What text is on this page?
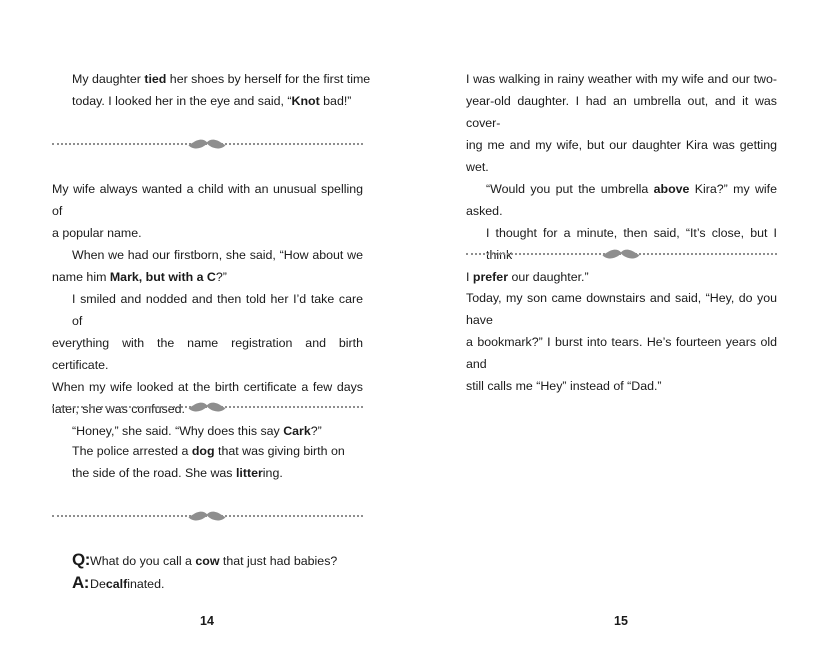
My daughter tied her shoes by herself for the first time
today. I looked her in the eye and said, “Knot bad!”
My wife always wanted a child with an unusual spelling of
a popular name.
When we had our firstborn, she said, “How about we
name him Mark, but with a C?”
I smiled and nodded and then told her I’d take care of
everything with the name registration and birth certificate.
When my wife looked at the birth certificate a few days
later, she was confused.
“Honey,” she said. “Why does this say Cark?”
The police arrested a dog that was giving birth on
the side of the road. She was littering.
Q:What do you call a cow that just had babies?
A:Decalfinated.
14
I was walking in rainy weather with my wife and our two-
year-old daughter. I had an umbrella out, and it was cover-
ing me and my wife, but our daughter Kira was getting wet.
“Would you put the umbrella above Kira?” my wife
asked.
I thought for a minute, then said, “It’s close, but I think
I prefer our daughter.”
Today, my son came downstairs and said, “Hey, do you have
a bookmark?” I burst into tears. He’s fourteen years old and
still calls me “Hey” instead of “Dad.”
15
